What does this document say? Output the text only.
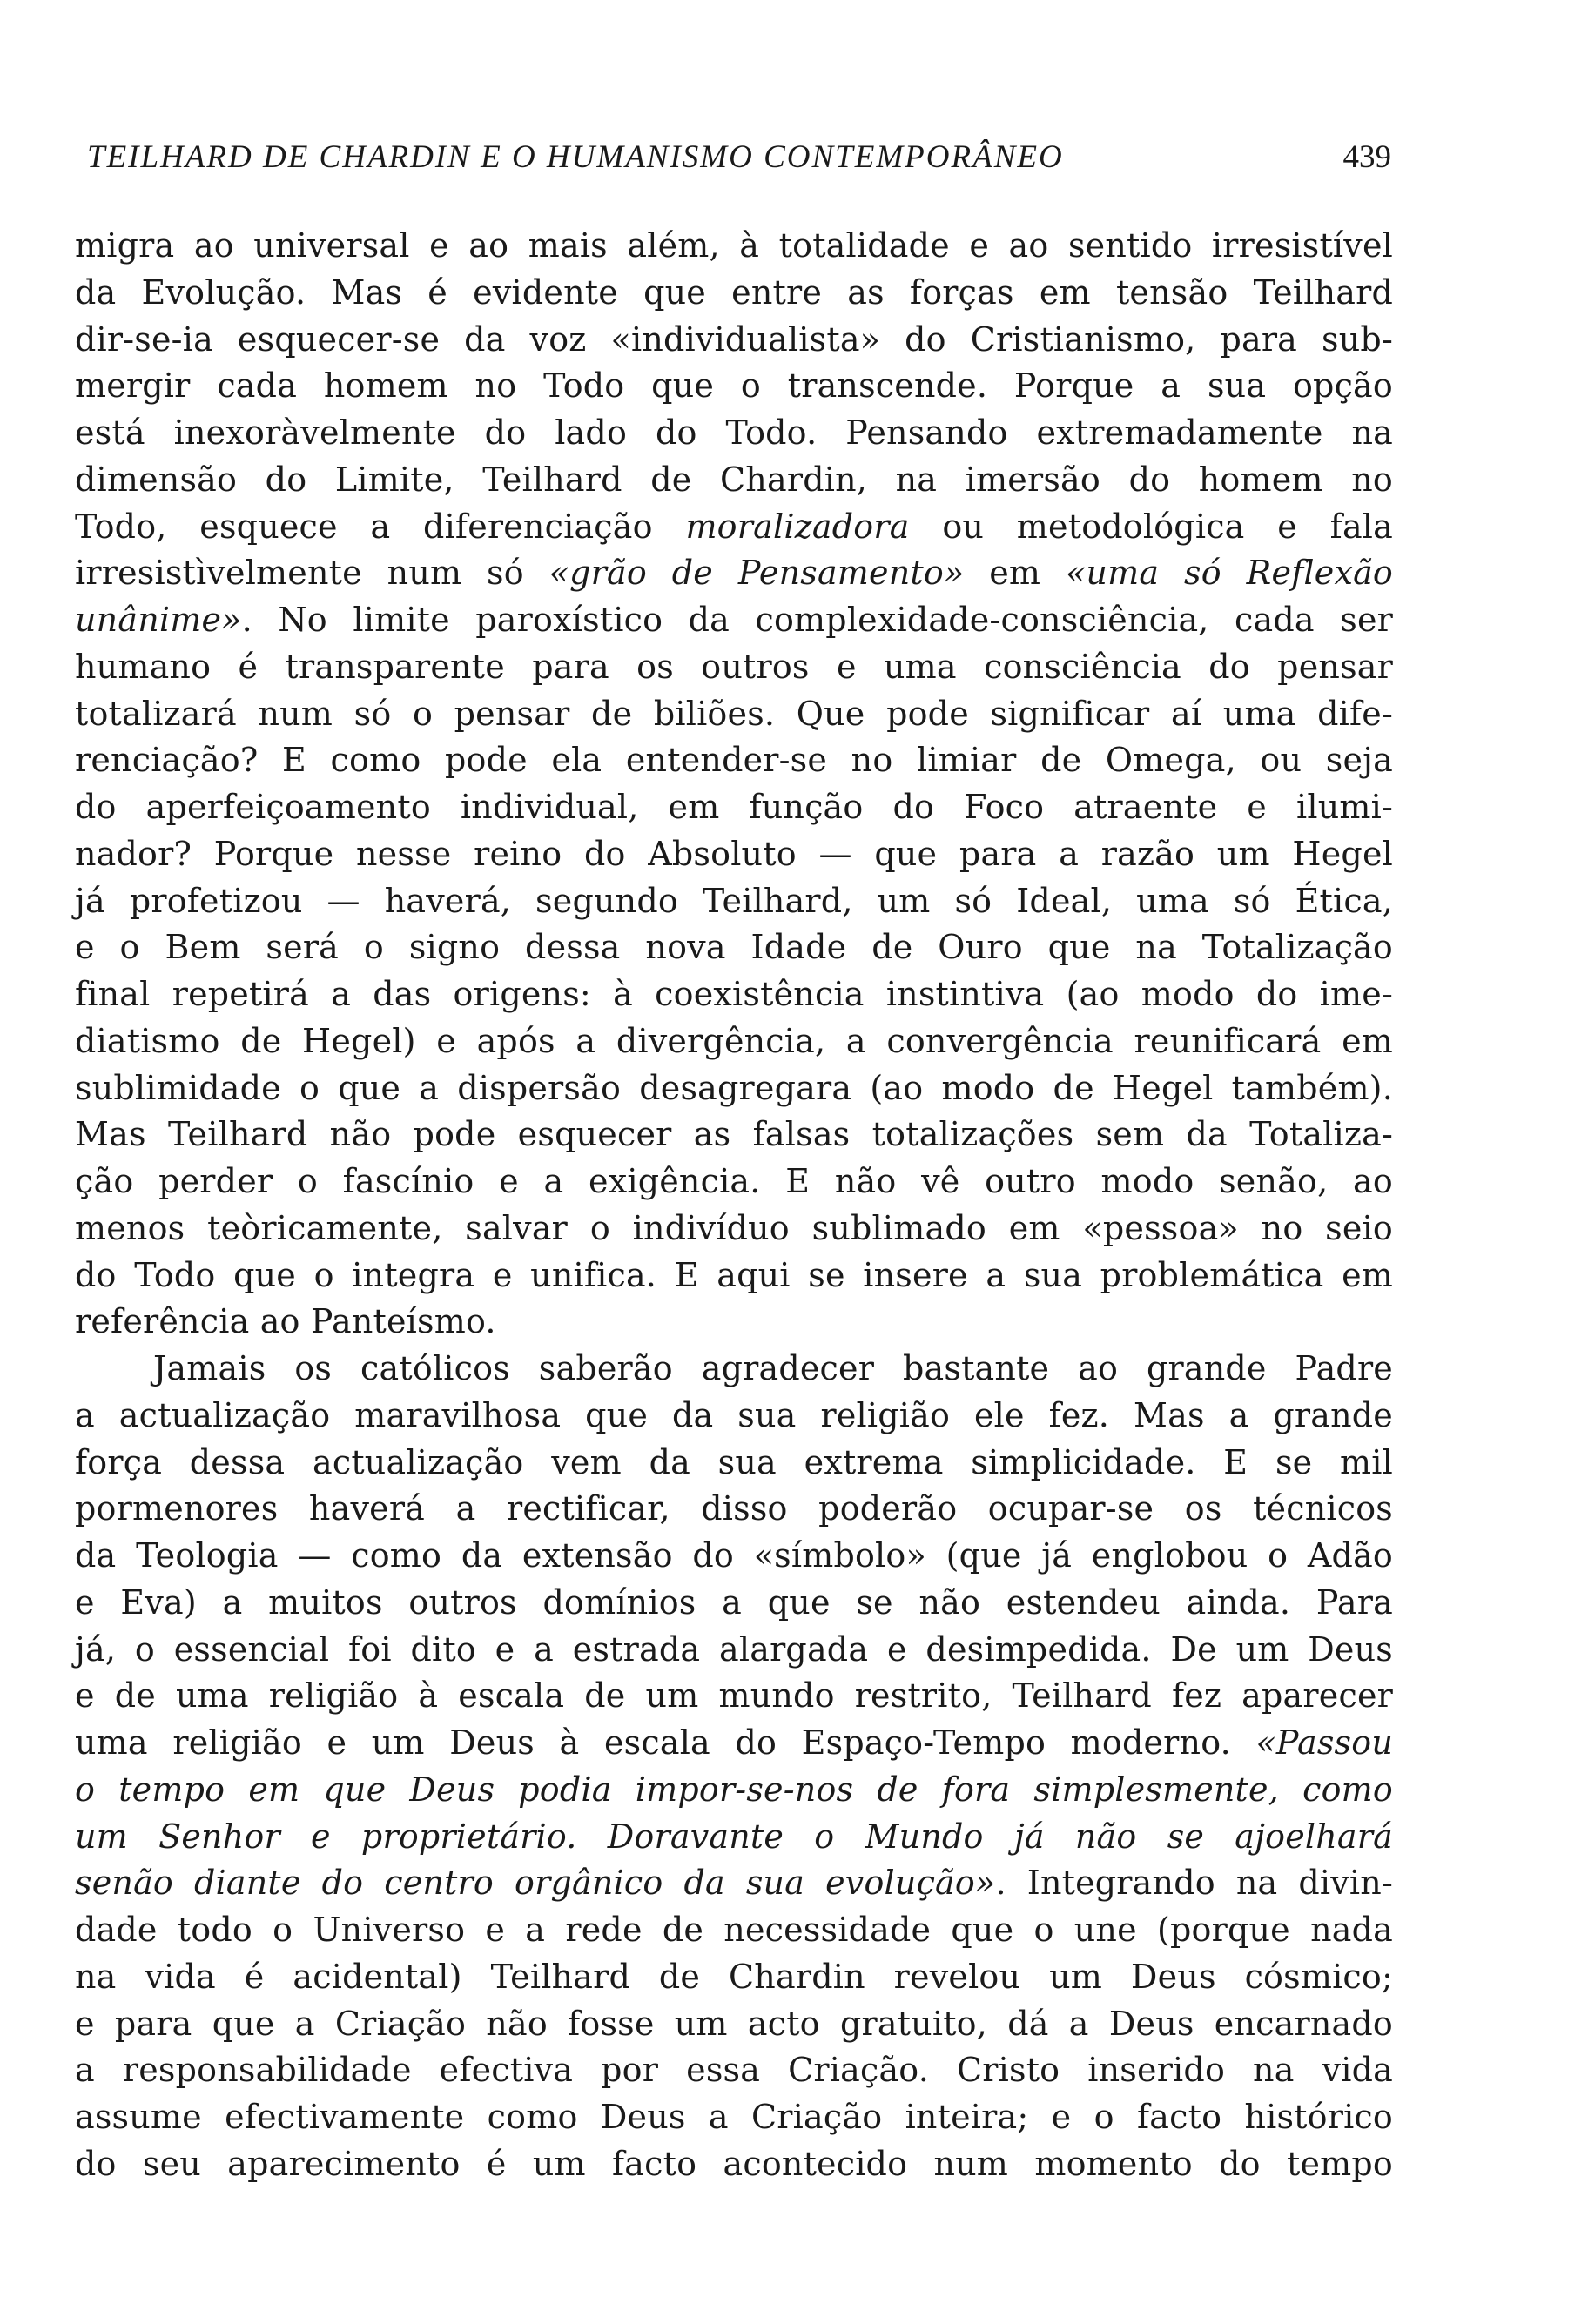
TEILHARD DE CHARDIN E O HUMANISMO CONTEMPORÂNEO	439
migra ao universal e ao mais além, à totalidade e ao sentido irresistível
da Evolução. Mas é evidente que entre as forças em tensão Teilhard
dir-se-ia esquecer-se da voz «individualista» do Cristianismo, para sub-
mergir cada homem no Todo que o transcende. Porque a sua opção
está inexoràvelmente do lado do Todo. Pensando extremadamente na
dimensão do Limite, Teilhard de Chardin, na imersão do homem no
Todo, esquece a diferenciação moralizadora ou metodológica e fala
irresistìvelmente num só «grão de Pensamento» em «uma só Reflexão
unânime». No limite paroxístico da complexidade-consciência, cada ser
humano é transparente para os outros e uma consciência do pensar
totalizará num só o pensar de biliões. Que pode significar aí uma dife-
renciação? E como pode ela entender-se no limiar de Omega, ou seja
do aperfeiçoamento individual, em função do Foco atraente e ilumi-
nador? Porque nesse reino do Absoluto — que para a razão um Hegel
já profetizou — haverá, segundo Teilhard, um só Ideal, uma só Ética,
e o Bem será o signo dessa nova Idade de Ouro que na Totalização
final repetirá a das origens: à coexistência instintiva (ao modo do ime-
diatismo de Hegel) e após a divergência, a convergência reunificará em
sublimidade o que a dispersão desagregara (ao modo de Hegel também).
Mas Teilhard não pode esquecer as falsas totalizações sem da Totaliza-
ção perder o fascínio e a exigência. E não vê outro modo senão, ao
menos teòricamente, salvar o indivíduo sublimado em «pessoa» no seio
do Todo que o integra e unifica. E aqui se insere a sua problemática em
referência ao Panteísmo.
Jamais os católicos saberão agradecer bastante ao grande Padre
a actualização maravilhosa que da sua religião ele fez. Mas a grande
força dessa actualização vem da sua extrema simplicidade. E se mil
pormenores haverá a rectificar, disso poderão ocupar-se os técnicos
da Teologia — como da extensão do «símbolo» (que já englobou o Adão
e Eva) a muitos outros domínios a que se não estendeu ainda. Para
já, o essencial foi dito e a estrada alargada e desimpedida. De um Deus
e de uma religião à escala de um mundo restrito, Teilhard fez aparecer
uma religião e um Deus à escala do Espaço-Tempo moderno. «Passou
o tempo em que Deus podia impor-se-nos de fora simplesmente, como
um Senhor e proprietário. Doravante o Mundo já não se ajoelhará
senão diante do centro orgânico da sua evolução». Integrando na divin-
dade todo o Universo e a rede de necessidade que o une (porque nada
na vida é acidental) Teilhard de Chardin revelou um Deus cósmico;
e para que a Criação não fosse um acto gratuito, dá a Deus encarnado
a responsabilidade efectiva por essa Criação. Cristo inserido na vida
assume efectivamente como Deus a Criação inteira; e o facto histórico
do seu aparecimento é um facto acontecido num momento do tempo
